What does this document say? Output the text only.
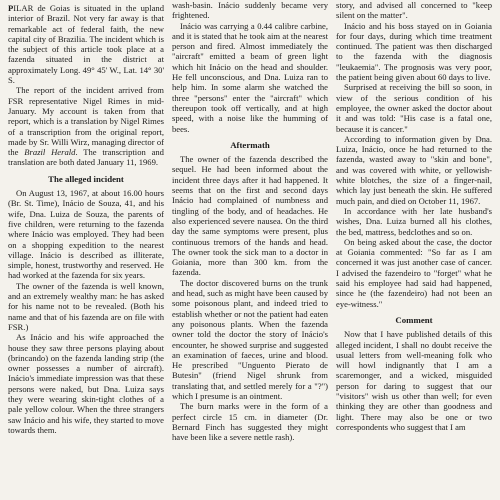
PILAR de Goias is situated in the upland interior of Brazil. Not very far away is that remarkable act of federal faith, the new capital city of Brazilia. The incident which is the subject of this article took place at a fazenda situated in the district at approximately Long. 49° 45' W., Lat. 14° 30' S.

The report of the incident arrived from FSR representative Nigel Rimes in mid-January. My account is taken from that report, which is a translation by Nigel Rimes of a transcription from the original report, made by Sr. Willi Wirz, managing director of the Brazil Herald. The transcription and translation are both dated January 11, 1969.

The alleged incident

On August 13, 1967, at about 16.00 hours (Br. St. Time), Inácio de Souza, 41, and his wife, Dna. Luiza de Souza, the parents of five children, were returning to the fazenda where Inácio was employed. They had been on a shopping expedition to the nearest village. Inácio is described as illiterate, simple, honest, trustworthy and reserved. He had worked at the fazenda for six years.

The owner of the fazenda is well known, and an extremely wealthy man: he has asked for his name not to be revealed. (Both his name and that of his fazenda are on file with FSR.)

As Inácio and his wife approached the house they saw three persons playing about (brincando) on the fazenda landing strip (the owner possesses a number of aircraft). Inácio's immediate impression was that these persons were naked, but Dna. Luiza says they were wearing skin-tight clothes of a pale yellow colour. When the three strangers saw Inácio and his wife, they started to move towards them.

wash-basin. Inácio suddenly became very frightened.

Inácio was carrying a 0.44 calibre carbine, and it is stated that he took aim at the nearest person and fired. Almost immediately the "aircraft" emitted a beam of green light which hit Inácio on the head and shoulder. He fell unconscious, and Dna. Luiza ran to help him. In some alarm she watched the three "persons" enter the "aircraft" which thereupon took off vertically, and at high speed, with a noise like the humming of bees.

Aftermath

The owner of the fazenda described the sequel. He had been informed about the incident three days after it had happened. It seems that on the first and second days Inácio had complained of numbness and tingling of the body, and of headaches. He also experienced severe nausea. On the third day the same symptoms were present, plus continuous tremors of the hands and head. The owner took the sick man to a doctor in Goiania, more than 300 km. from the fazenda.

The doctor discovered burns on the trunk and head, such as might have been caused by some poisonous plant, and indeed tried to establish whether or not the patient had eaten any poisonous plants. When the fazenda owner told the doctor the story of Inácio's encounter, he showed surprise and suggested an examination of faeces, urine and blood. He prescribed "Unguento Pierato de Butesin" (friend Nigel shrunk from translating that, and settled merely for a "?") which I presume is an ointment.

The burn marks were in the form of a perfect circle 15 cm. in diameter (Dr. Bernard Finch has suggested they might have been like a severe nettle rash).

story, and advised all concerned to "keep silent on the matter".

Inácio and his boss stayed on in Goiania for four days, during which time treatment continued. The patient was then discharged to the fazenda with the diagnosis "leukaemia". The prognosis was very poor, the patient being given about 60 days to live.

Surprised at receiving the bill so soon, in view of the serious condition of his employee, the owner asked the doctor about it and was told: "His case is a fatal one, because it is cancer."

According to information given by Dna. Luiza, Inácio, once he had returned to the fazenda, wasted away to "skin and bone", and was covered with white, or yellowish-white blotches, the size of a finger-nail, which lay just beneath the skin. He suffered much pain, and died on October 11, 1967.

In accordance with her late husband's wishes, Dna. Luiza burned all his clothes, the bed, mattress, bedclothes and so on.

On being asked about the case, the doctor at Goiania commented: "So far as I am concerned it was just another case of cancer. I advised the fazendeiro to "forget" what he said his employee had said had happened, since he (the fazendeiro) had not been an eye-witness."

Comment

Now that I have published details of this alleged incident, I shall no doubt receive the usual letters from well-meaning folk who will howl indignantly that I am a scaremonger, and a wicked, misguided person for daring to suggest that our "visitors" wish us other than well; for even thinking they are other than goodness and light. There may also be one or two correspondents who suggest that I am
